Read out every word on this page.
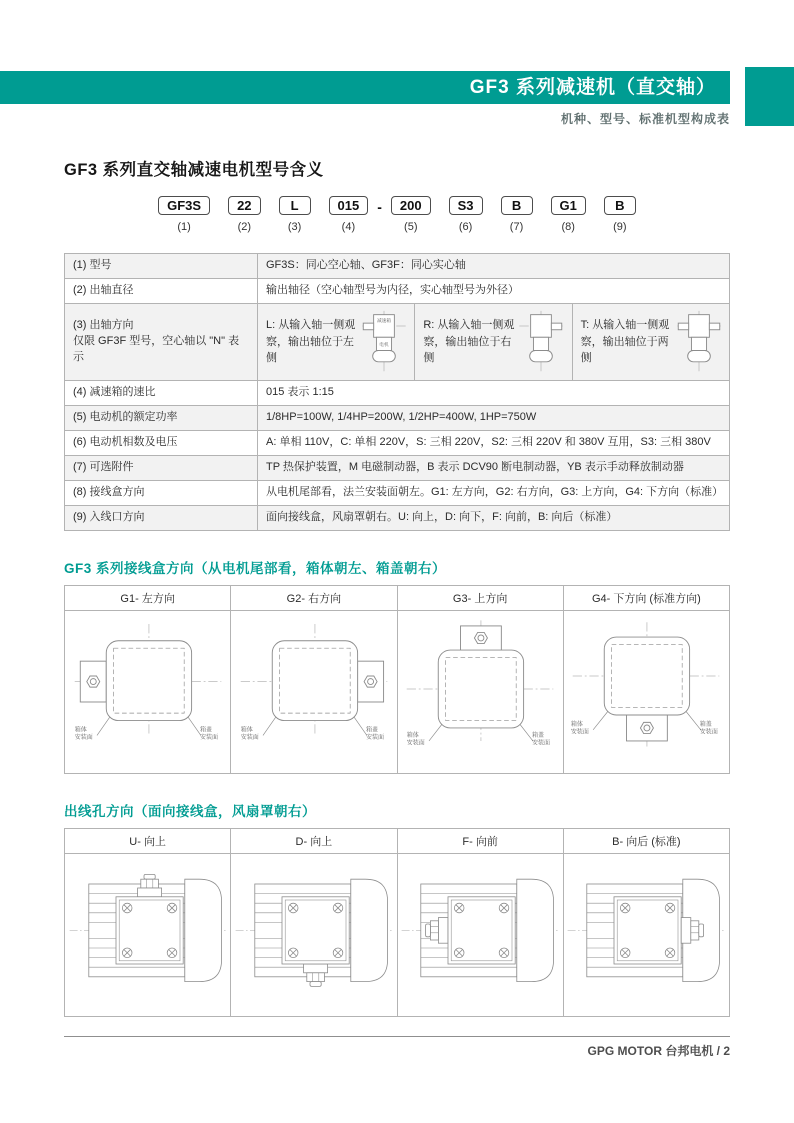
GF3 系列减速机（直交轴）
机种、型号、标准机型构成表
GF3 系列直交轴减速电机型号含义
GF3S
(1)
22
(2)
L
(3)
015
(4)
-	200
(5)
S3
(6)
B
(7)
G1
(8)
B
(9)
(1) 型号	GF3S：同心空心轴、GF3F：同心实心轴
(2) 出轴直径	输出轴径（空心轴型号为内径，实心轴型号为外径）

(3) 出轴方向
仅限 GF3F 型号，空心轴以 "N" 表示

L: 从输入轴一侧观察，输出轴位于左侧
减速箱
电机
R: 从输入轴一侧观察，输出轴位于右侧
T: 从输入轴一侧观察，输出轴位于两侧

(4) 减速箱的速比	015 表示 1:15
(5) 电动机的额定功率	1/8HP=100W, 1/4HP=200W, 1/2HP=400W, 1HP=750W
(6) 电动机相数及电压	A: 单相 110V，C: 单相 220V，S: 三相 220V，S2: 三相 220V 和 380V 互用，S3: 三相 380V
(7) 可选附件	TP 热保护装置，M 电磁制动器，B 表示 DCV90 断电制动器，YB 表示手动释放制动器
(8) 接线盒方向	从电机尾部看，法兰安装面朝左。G1: 左方向，G2: 右方向，G3: 上方向，G4: 下方向（标准）
(9) 入线口方向	面向接线盒，风扇罩朝右。U: 向上，D: 向下，F: 向前，B: 向后（标准）
GF3 系列接线盒方向（从电机尾部看，箱体朝左、箱盖朝右）
G1- 左方向	G2- 右方向	G3- 上方向	G4- 下方向 (标准方向)

箱体
安装面
箱盖
安装面	箱体
安装面
箱盖
安装面	箱体
安装面
箱盖
安装面	箱体
安装面
箱盖
安装面
出线孔方向（面向接线盒，风扇罩朝右）
U- 向上	D- 向上	F- 向前	B- 向后 (标准)

GPG MOTOR 台邦电机 / 2
